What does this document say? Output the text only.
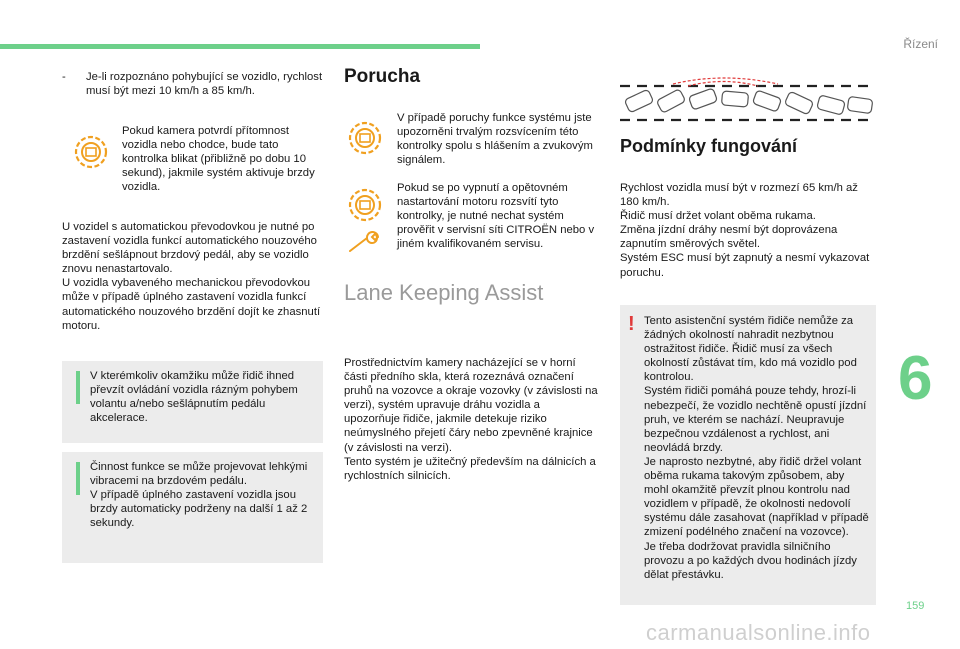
Řízení
6
159
carmanualsonline.info
- Je-li rozpoznáno pohybující se vozidlo, rychlost musí být mezi 10 km/h a 85 km/h.
Pokud kamera potvrdí přítomnost vozidla nebo chodce, bude tato kontrolka blikat (přibližně po dobu 10 sekund), jakmile systém aktivuje brzdy vozidla.
U vozidel s automatickou převodovkou je nutné po zastavení vozidla funkcí automatického nouzového brzdění sešlápnout brzdový pedál, aby se vozidlo znovu nenastartovalo.
U vozidla vybaveného mechanickou převodovkou může v případě úplného zastavení vozidla funkcí automatického nouzového brzdění dojít ke zhasnutí motoru.
V kterémkoliv okamžiku může řidič ihned převzít ovládání vozidla rázným pohybem volantu a/nebo sešlápnutím pedálu akcelerace.
Činnost funkce se může projevovat lehkými vibracemi na brzdovém pedálu.
V případě úplného zastavení vozidla jsou brzdy automaticky podrženy na další 1 až 2 sekundy.
Porucha
V případě poruchy funkce systému jste upozorněni trvalým rozsvícením této kontrolky spolu s hlášením a zvukovým signálem.
Pokud se po vypnutí a opětovném nastartování motoru rozsvítí tyto kontrolky, je nutné nechat systém prověřit v servisní síti CITROËN nebo v jiném kvalifikovaném servisu.
Lane Keeping Assist
Prostřednictvím kamery nacházející se v horní části předního skla, která rozeznává označení pruhů na vozovce a okraje vozovky (v závislosti na verzi), systém upravuje dráhu vozidla a upozorňuje řidiče, jakmile detekuje riziko neúmyslného přejetí čáry nebo zpevněné krajnice (v závislosti na verzi).
Tento systém je užitečný především na dálnicích a rychlostních silnicích.
Podmínky fungování
Rychlost vozidla musí být v rozmezí 65 km/h až 180 km/h.
Řidič musí držet volant oběma rukama.
Změna jízdní dráhy nesmí být doprovázena zapnutím směrových světel.
Systém ESC musí být zapnutý a nesmí vykazovat poruchu.
! Tento asistenční systém řidiče nemůže za žádných okolností nahradit nezbytnou ostražitost řidiče. Řidič musí za všech okolností zůstávat tím, kdo má vozidlo pod kontrolou.
Systém řidiči pomáhá pouze tehdy, hrozí-li nebezpečí, že vozidlo nechtěně opustí jízdní pruh, ve kterém se nachází. Neupravuje bezpečnou vzdálenost a rychlost, ani neovládá brzdy.
Je naprosto nezbytné, aby řidič držel volant oběma rukama takovým způsobem, aby mohl okamžitě převzít plnou kontrolu nad vozidlem v případě, že okolnosti nedovolí systému dále zasahovat (například v případě zmizení podélného značení na vozovce).
Je třeba dodržovat pravidla silničního provozu a po každých dvou hodinách jízdy dělat přestávku.
